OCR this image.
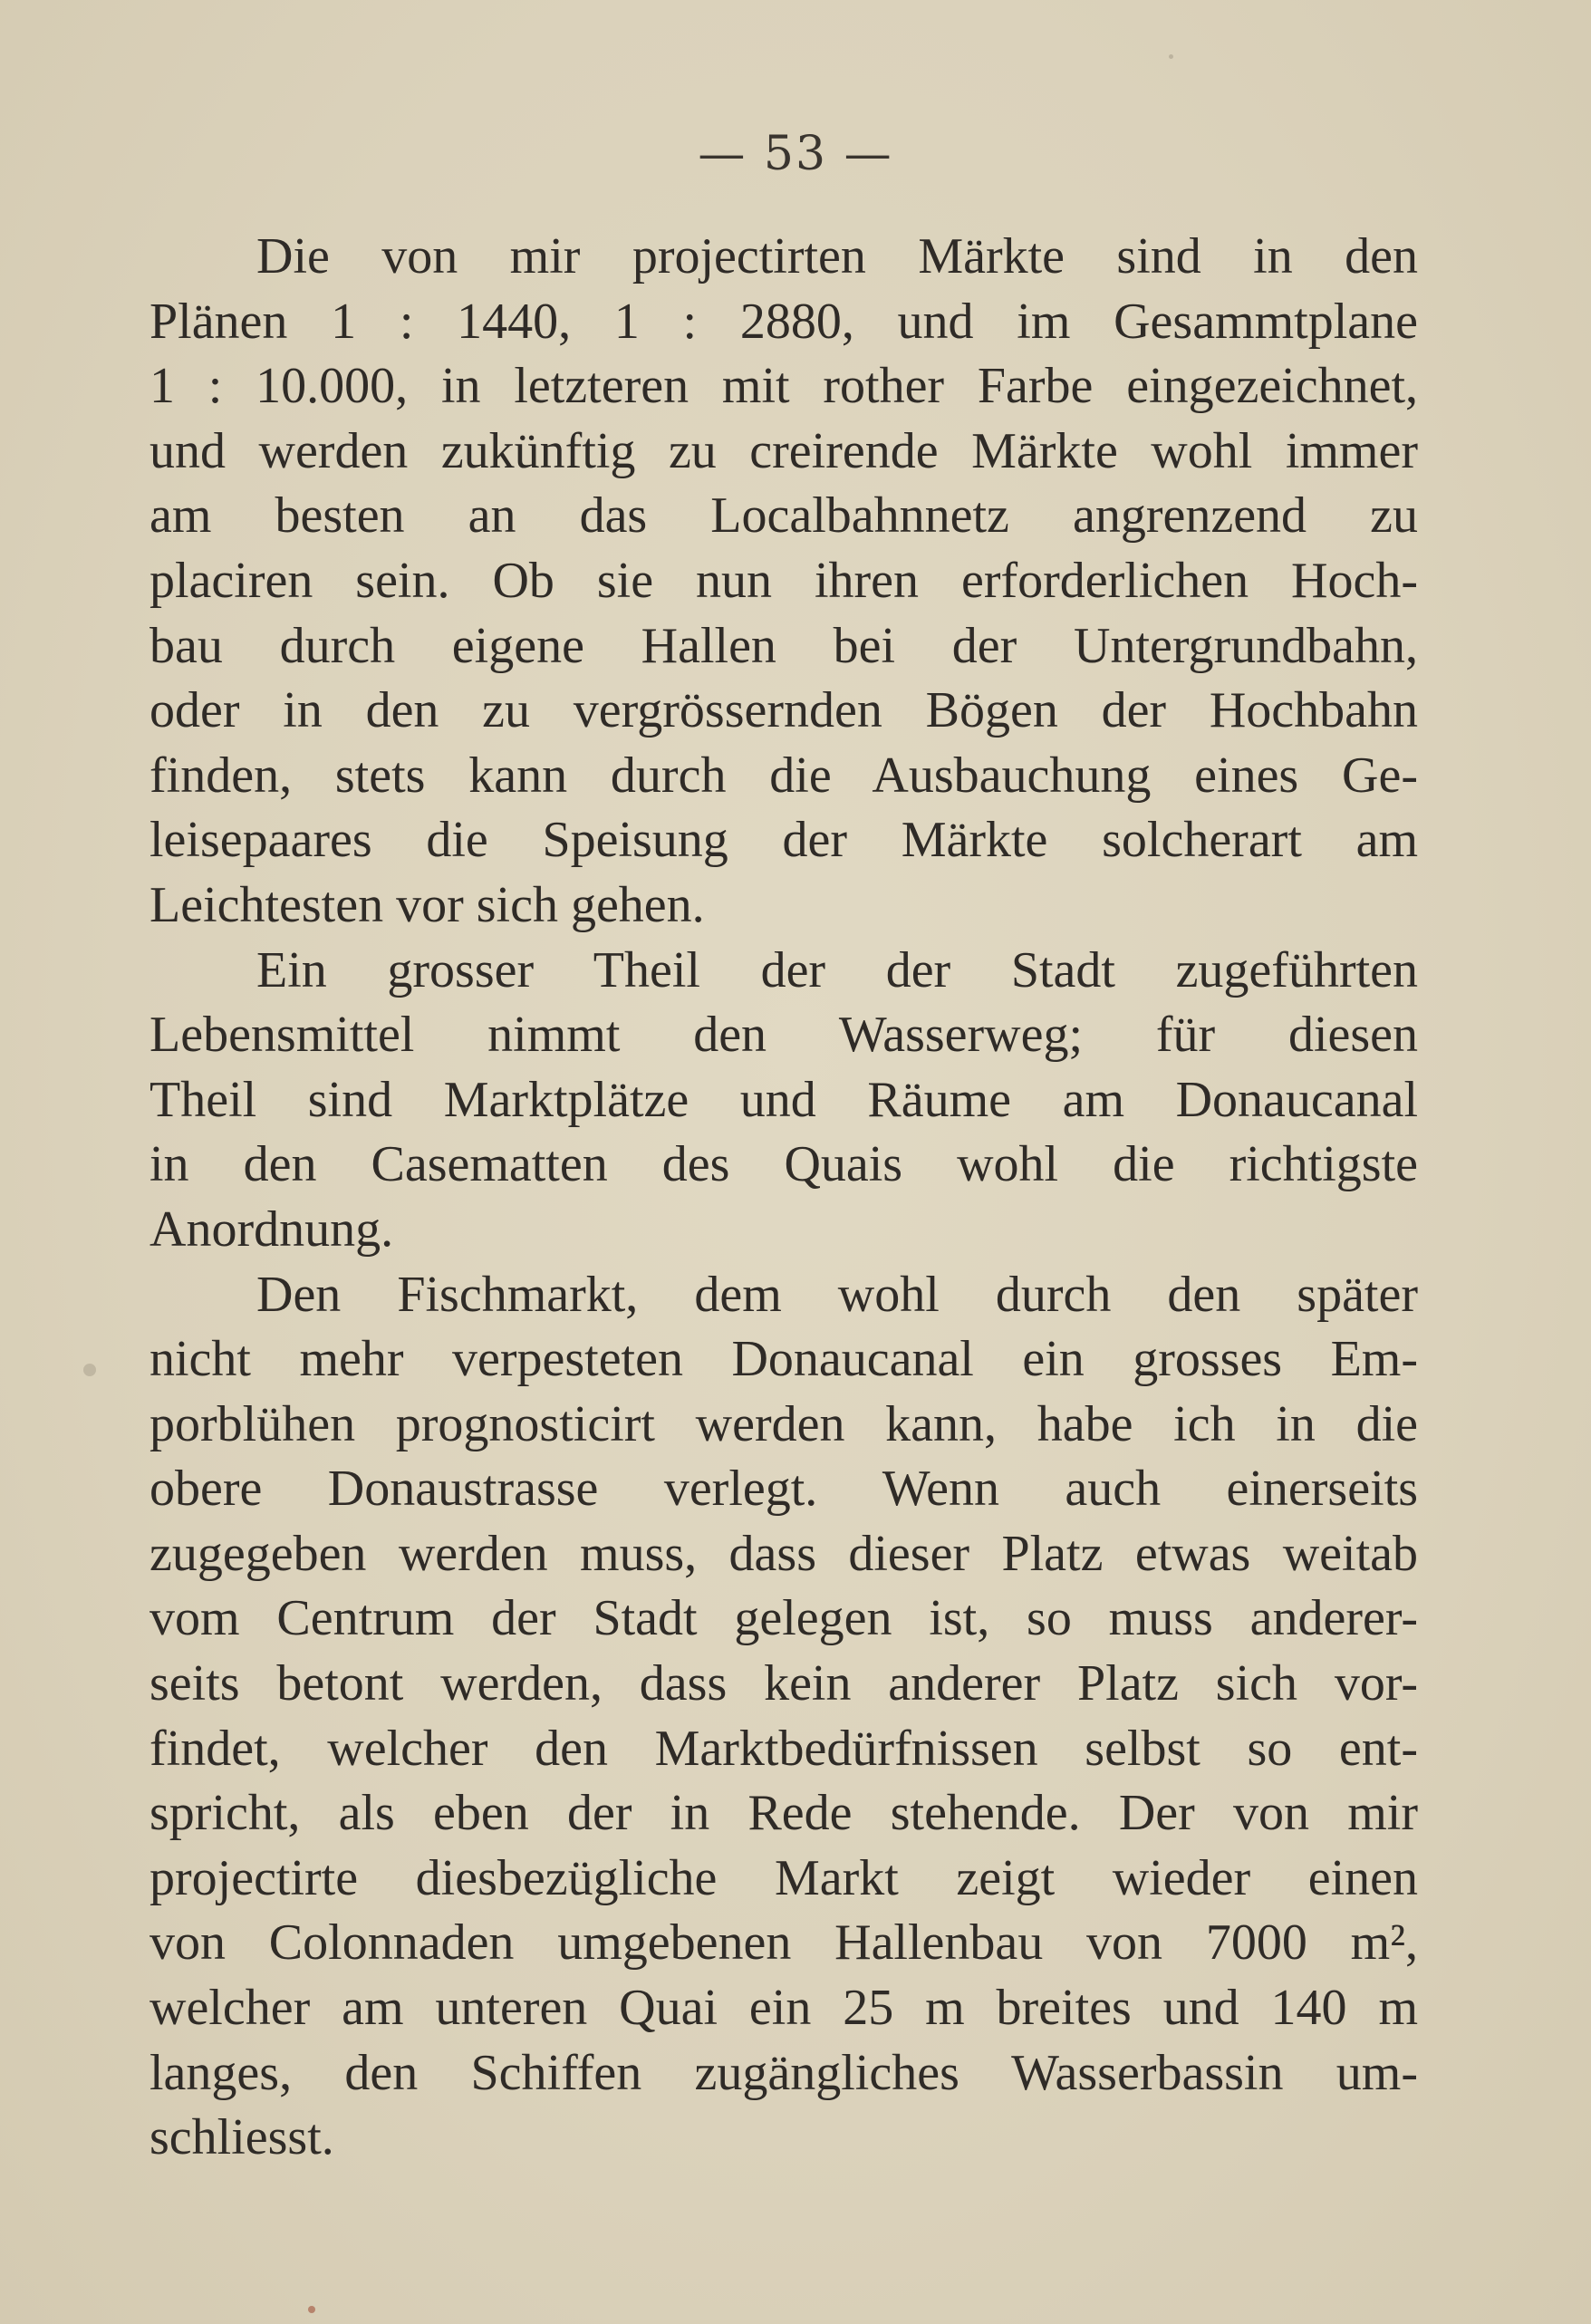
— 53 —
Die von mir projectirten Märkte sind in den
Plänen 1 : 1440, 1 : 2880, und im Gesammtplane
1 : 10.000, in letzteren mit rother Farbe eingezeichnet,
und werden zukünftig zu creirende Märkte wohl immer
am besten an das Localbahnnetz angrenzend zu
placiren sein. Ob sie nun ihren erforderlichen Hoch-
bau durch eigene Hallen bei der Untergrundbahn,
oder in den zu vergrössernden Bögen der Hochbahn
finden, stets kann durch die Ausbauchung eines Ge-
leisepaares die Speisung der Märkte solcherart am
Leichtesten vor sich gehen.
Ein grosser Theil der der Stadt zugeführten
Lebensmittel nimmt den Wasserweg; für diesen
Theil sind Marktplätze und Räume am Donaucanal
in den Casematten des Quais wohl die richtigste
Anordnung.
Den Fischmarkt, dem wohl durch den später
nicht mehr verpesteten Donaucanal ein grosses Em-
porblühen prognosticirt werden kann, habe ich in die
obere Donaustrasse verlegt. Wenn auch einerseits
zugegeben werden muss, dass dieser Platz etwas weitab
vom Centrum der Stadt gelegen ist, so muss anderer-
seits betont werden, dass kein anderer Platz sich vor-
findet, welcher den Marktbedürfnissen selbst so ent-
spricht, als eben der in Rede stehende. Der von mir
projectirte diesbezügliche Markt zeigt wieder einen
von Colonnaden umgebenen Hallenbau von 7000 m²,
welcher am unteren Quai ein 25 m breites und 140 m
langes, den Schiffen zugängliches Wasserbassin um-
schliesst.
